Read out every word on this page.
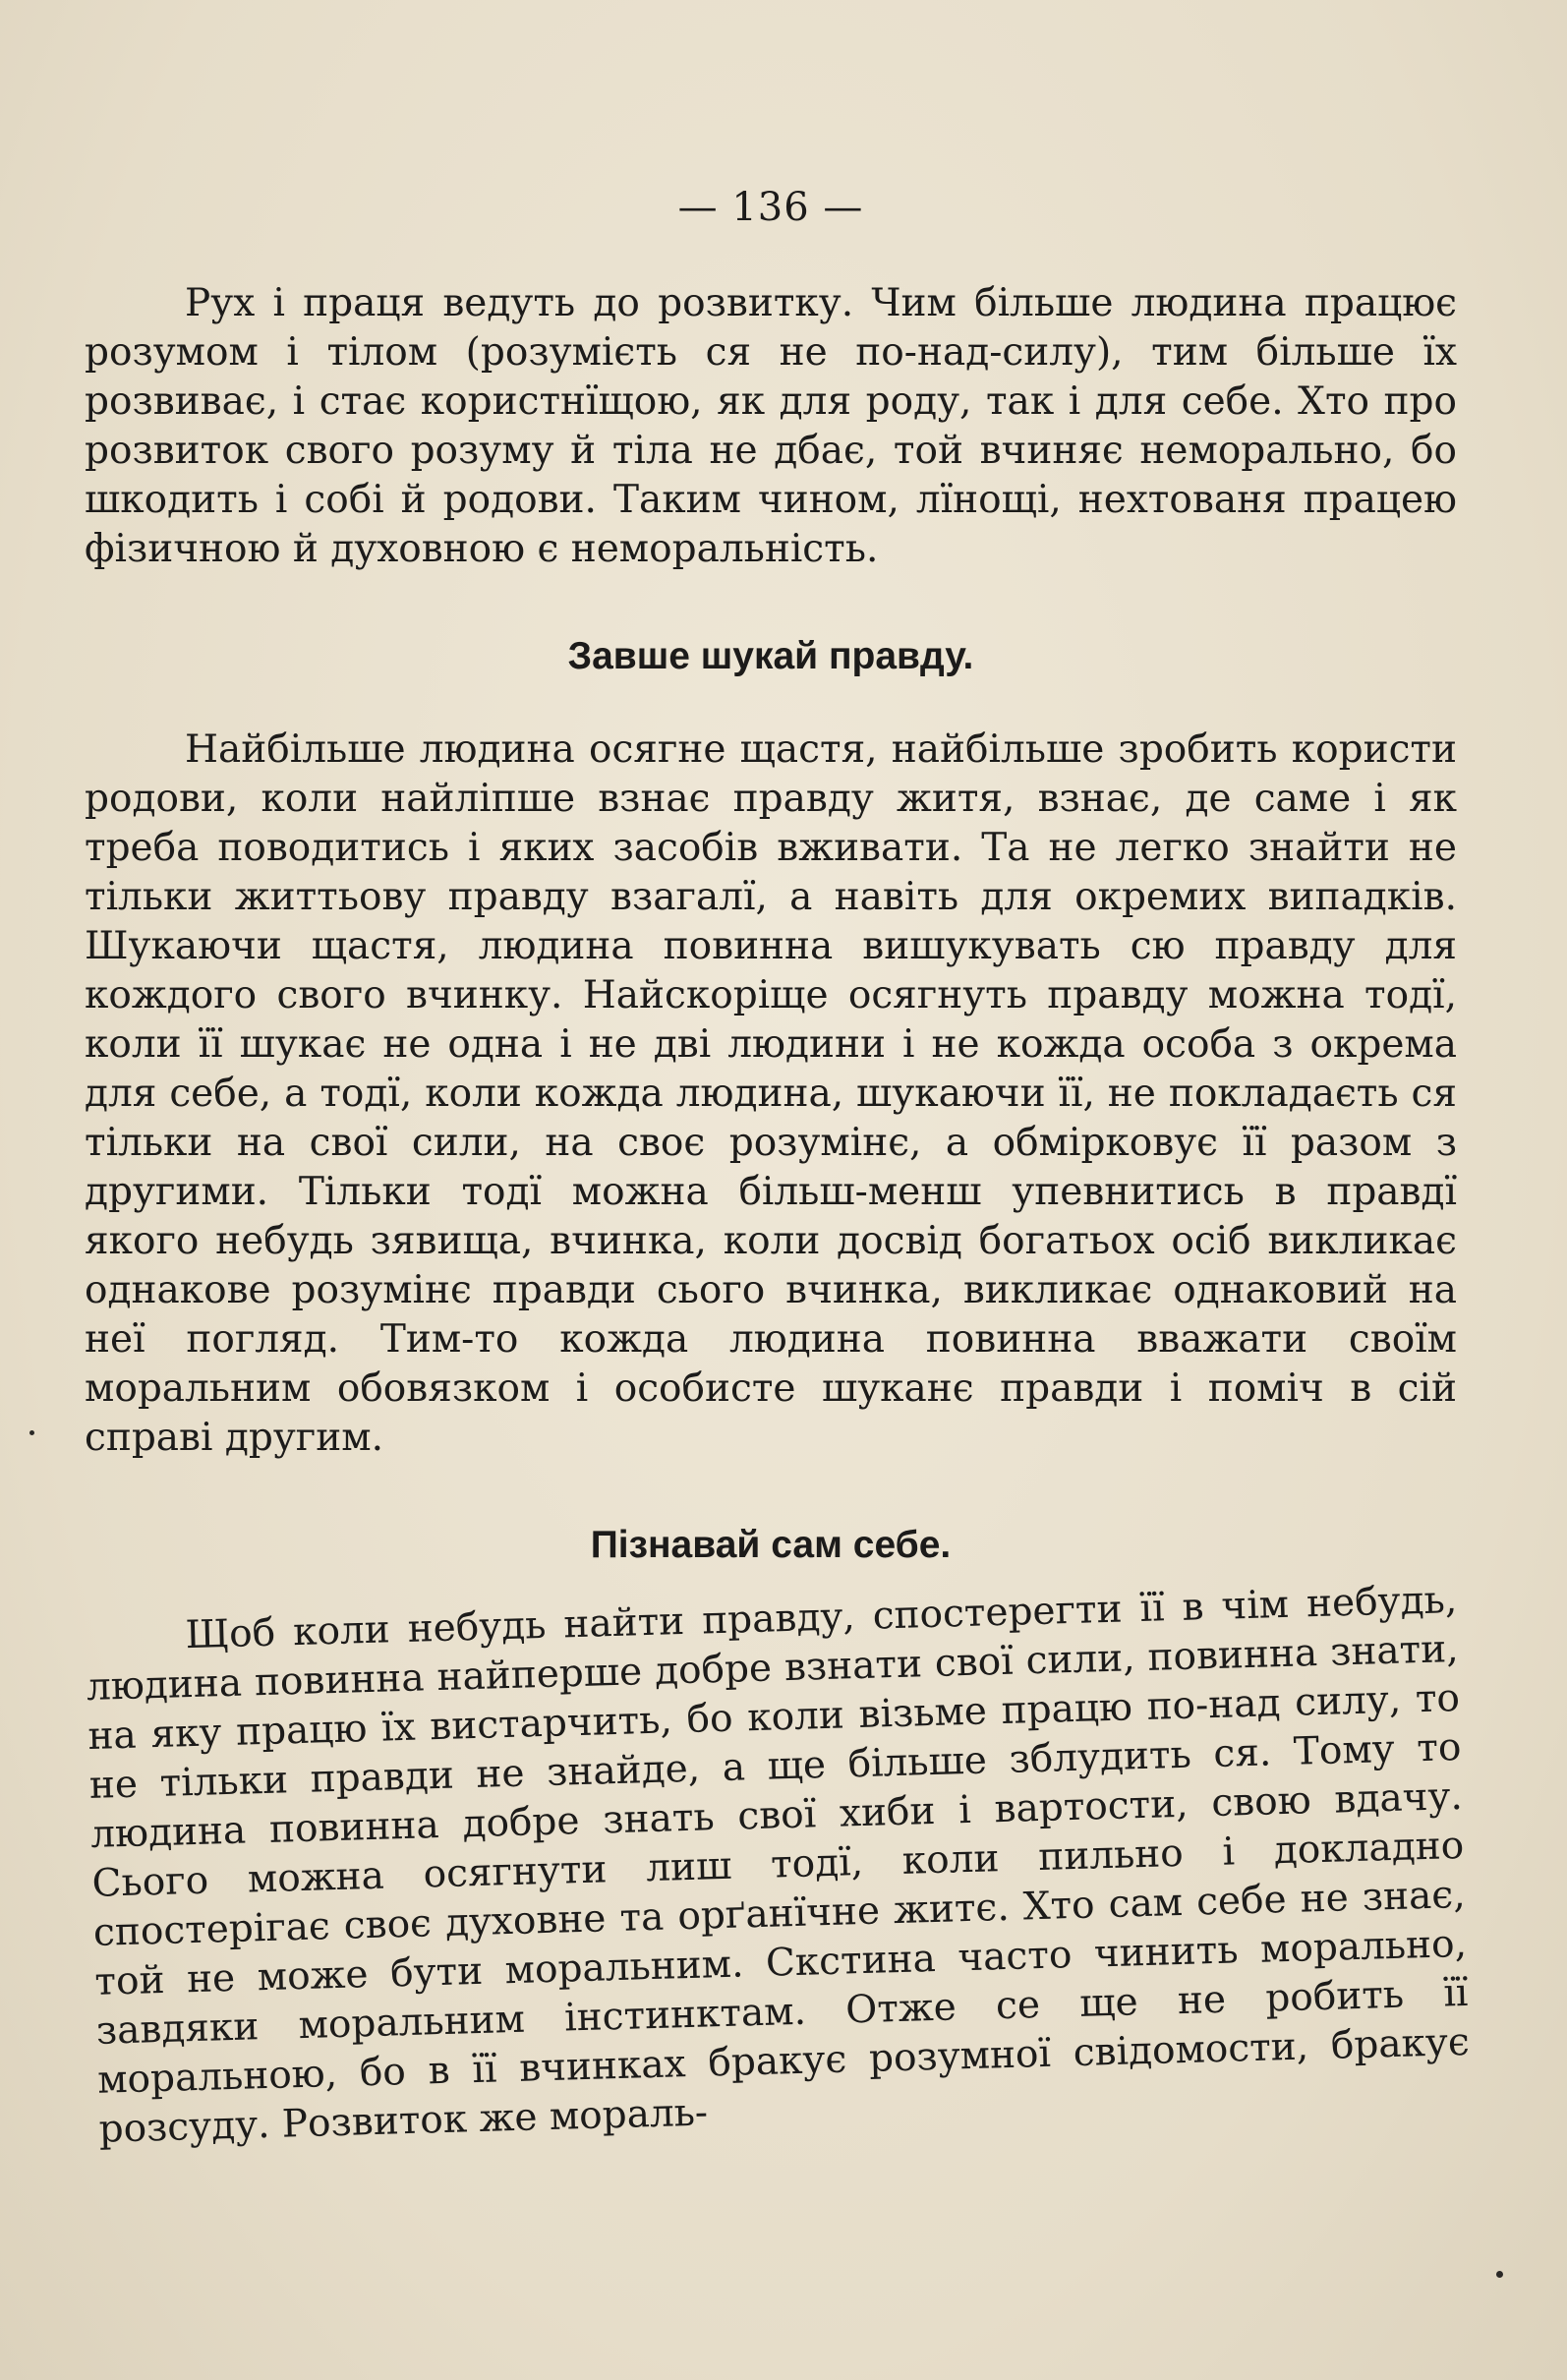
— 136 —

Рух і праця ведуть до розвитку. Чим більше людина працює розумом і тілом (розумієть ся не по-над-силу), тим більше їх розвиває, і стає користнїщою, як для роду, так і для себе. Хто про розвиток свого розуму й тіла не дбає, той вчиняє неморально, бо шкодить і собі й родови. Таким чином, лїнощі, нехтованя працею фізичною й духовною є неморальність.

Завше шукай правду.

Найбільше людина осягне щастя, найбільше зробить користи родови, коли найліпше взнає правду житя, взнає, де саме і як треба поводитись і яких засобів вживати. Та не легко знайти не тільки життьову правду взагалї, а навіть для окремих випадків. Шукаючи щастя, людина повинна вишукувать сю правду для кождого свого вчинку. Найскоріще осягнуть правду можна тодї, коли її шукає не одна і не дві людини і не кожда особа з окрема для себе, а тодї, коли кожда людина, шукаючи її, не покладаєть ся тільки на свої сили, на своє розумінє, а обмірковує її разом з другими. Тільки тодї можна більш-менш упевнитись в правдї якого небудь зявища, вчинка, коли досвід богатьох осіб викликає однакове розумінє правди сього вчинка, викликає однаковий на неї погляд. Тим-то кожда людина повинна вважати своїм моральним обовязком і особисте шуканє правди і поміч в сій справі другим.

Пізнавай сам себе.

Щоб коли небудь найти правду, спостерегти її в чім небудь, людина повинна найперше добре взнати свої сили, повинна знати, на яку працю їх вистарчить, бо коли візьме працю по-над силу, то не тільки правди не знайде, а ще більше зблудить ся. Тому то людина повинна добре знать свої хиби і вартости, свою вдачу. Сього можна осягнути лиш тодї, коли пильно і докладно спостерігає своє духовне та орґанїчне житє. Хто сам себе не знає, той не може бути моральним. Скстина часто чинить морально, завдяки моральним інстинктам. Отже се ще не робить її моральною, бо в її вчинках бракує розумної свідомости, бракує розсуду. Розвиток же мораль-
